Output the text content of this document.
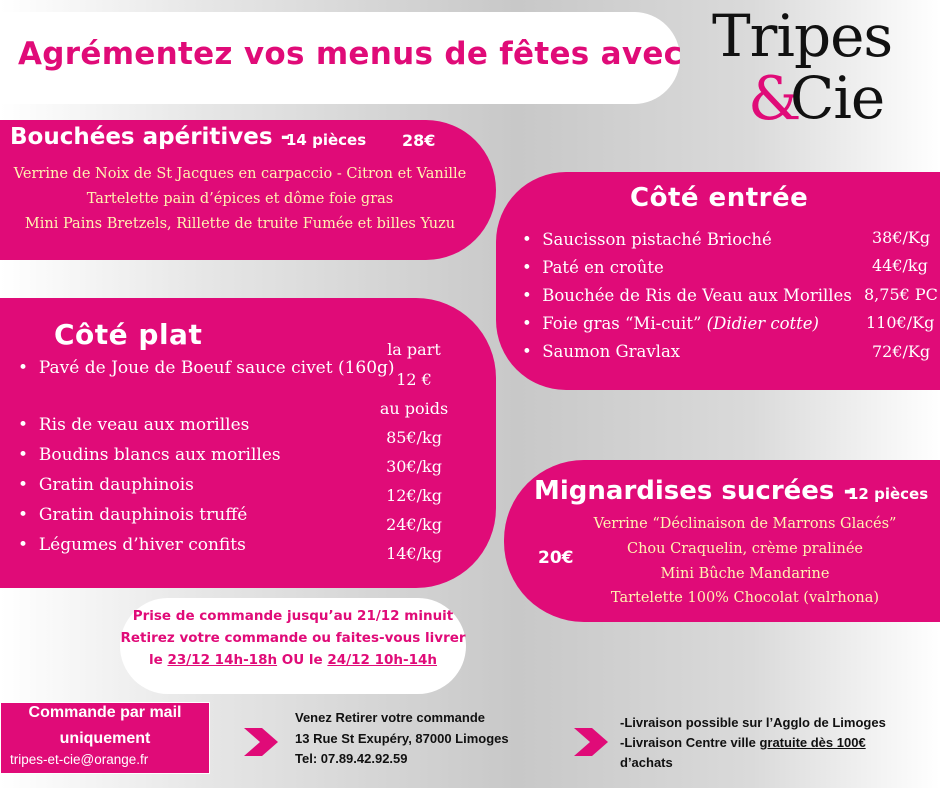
Agrémentez vos menus de fêtes avec Tripes
&
Cie
Bouchées apéritives -
14 pièces 28€
Verrine de Noix de St Jacques en carpaccio - Citron et Vanille
Tartelette pain d’épices et dôme foie gras
Mini Pains Bretzels, Rillette de truite Fumée et billes Yuzu
Côté entrée
•  Saucisson pistaché Brioché
•  Paté en croûte
•  Bouchée de Ris de Veau aux Morilles
•  Foie gras “Mi-cuit” (Didier cotte)
•  Saumon Gravlax
38€/Kg
44€/kg
8,75€ PC
110€/Kg
72€/Kg
Côté plat
•  Pavé de Joue de Boeuf sauce civet (160g)
•  Ris de veau aux morilles
•  Boudins blancs aux morilles
•  Gratin dauphinois
•  Gratin dauphinois truffé
•  Légumes d’hiver confits
la part
12 €
au poids
85€/kg
30€/kg
12€/kg
24€/kg
14€/kg
Mignardises sucrées -
12 pièces
20€
Verrine “Déclinaison de Marrons Glacés”
Chou Craquelin, crème pralinée
Mini Bûche Mandarine
Tartelette 100% Chocolat (valrhona)
Prise de commande jusqu’au 21/12 minuit
Retirez votre commande ou faites-vous livrer
le 23/12 14h-18h OU le 24/12 10h-14h
Commande par mail
uniquement
tripes-et-cie@orange.fr
Venez Retirer votre commande
13 Rue St Exupéry, 87000 Limoges
Tel: 07.89.42.92.59
-Livraison possible sur l’Agglo de Limoges
-Livraison Centre ville gratuite dès 100€
d’achats
